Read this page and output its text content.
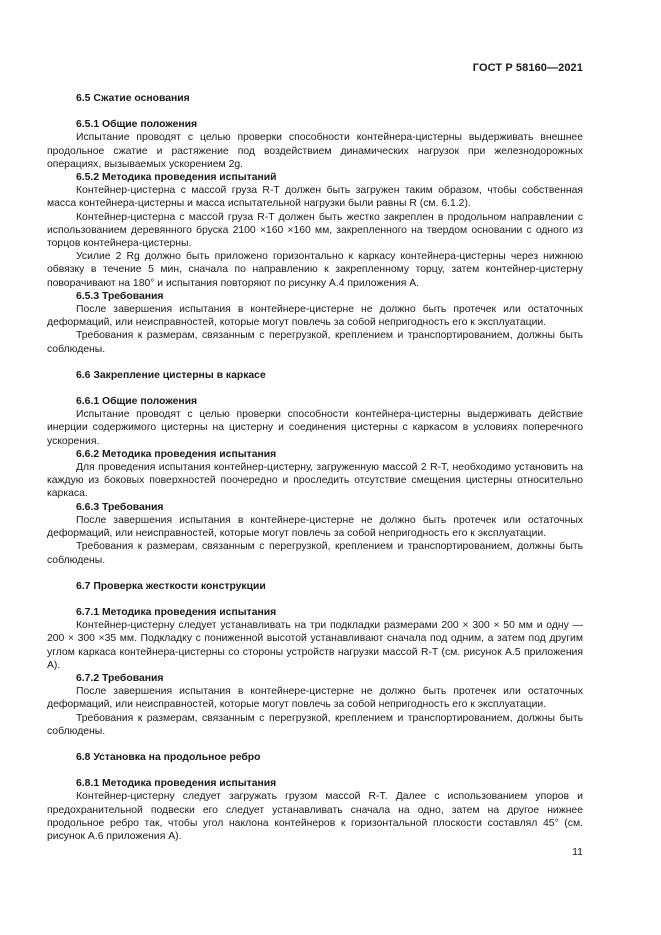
ГОСТ Р 58160—2021
6.5 Сжатие основания
6.5.1 Общие положения

Испытание проводят с целью проверки способности контейнера-цистерны выдерживать внешнее продольное сжатие и растяжение под воздействием динамических нагрузок при железнодорожных операциях, вызываемых ускорением 2g.

6.5.2 Методика проведения испытаний

Контейнер-цистерна с массой груза R-T должен быть загружен таким образом, чтобы собственная масса контейнера-цистерны и масса испытательной нагрузки были равны R (см. 6.1.2).

Контейнер-цистерна с массой груза R-T должен быть жестко закреплен в продольном направлении с использованием деревянного бруска 2100 ×160 ×160 мм, закрепленного на твердом основании с одного из торцов контейнера-цистерны.

Усилие 2 Rg должно быть приложено горизонтально к каркасу контейнера-цистерны через нижнюю обвязку в течение 5 мин, сначала по направлению к закрепленному торцу, затем контейнер-цистерну поворачивают на 180° и испытания повторяют по рисунку А.4 приложения А.

6.5.3 Требования

После завершения испытания в контейнере-цистерне не должно быть протечек или остаточных деформаций, или неисправностей, которые могут повлечь за собой непригодность его к эксплуатации.

Требования к размерам, связанным с перегрузкой, креплением и транспортированием, должны быть соблюдены.

6.6 Закрепление цистерны в каркасе
6.6.1 Общие положения

Испытание проводят с целью проверки способности контейнера-цистерны выдерживать действие инерции содержимого цистерны на цистерну и соединения цистерны с каркасом в условиях поперечного ускорения.

6.6.2 Методика проведения испытания

Для проведения испытания контейнер-цистерну, загруженную массой 2 R-T, необходимо установить на каждую из боковых поверхностей поочередно и проследить отсутствие смещения цистерны относительно каркаса.

6.6.3 Требования

После завершения испытания в контейнере-цистерне не должно быть протечек или остаточных деформаций, или неисправностей, которые могут повлечь за собой непригодность его к эксплуатации.

Требования к размерам, связанным с перегрузкой, креплением и транспортированием, должны быть соблюдены.

6.7 Проверка жесткости конструкции
6.7.1 Методика проведения испытания

Контейнер-цистерну следует устанавливать на три подкладки размерами 200 × 300 × 50 мм и одну — 200 × 300 ×35 мм. Подкладку с пониженной высотой устанавливают сначала под одним, а затем под другим углом каркаса контейнера-цистерны со стороны устройств нагрузки массой R-T (см. рисунок А.5 приложения А).

6.7.2 Требования

После завершения испытания в контейнере-цистерне не должно быть протечек или остаточных деформаций, или неисправностей, которые могут повлечь за собой непригодность его к эксплуатации.

Требования к размерам, связанным с перегрузкой, креплением и транспортированием, должны быть соблюдены.

6.8 Установка на продольное ребро
6.8.1 Методика проведения испытания

Контейнер-цистерну следует загружать грузом массой R-T. Далее с использованием упоров и предохранительной подвески его следует устанавливать сначала на одно, затем на другое нижнее продольное ребро так, чтобы угол наклона контейнеров к горизонтальной плоскости составлял 45° (см. рисунок А.6 приложения А).

11
